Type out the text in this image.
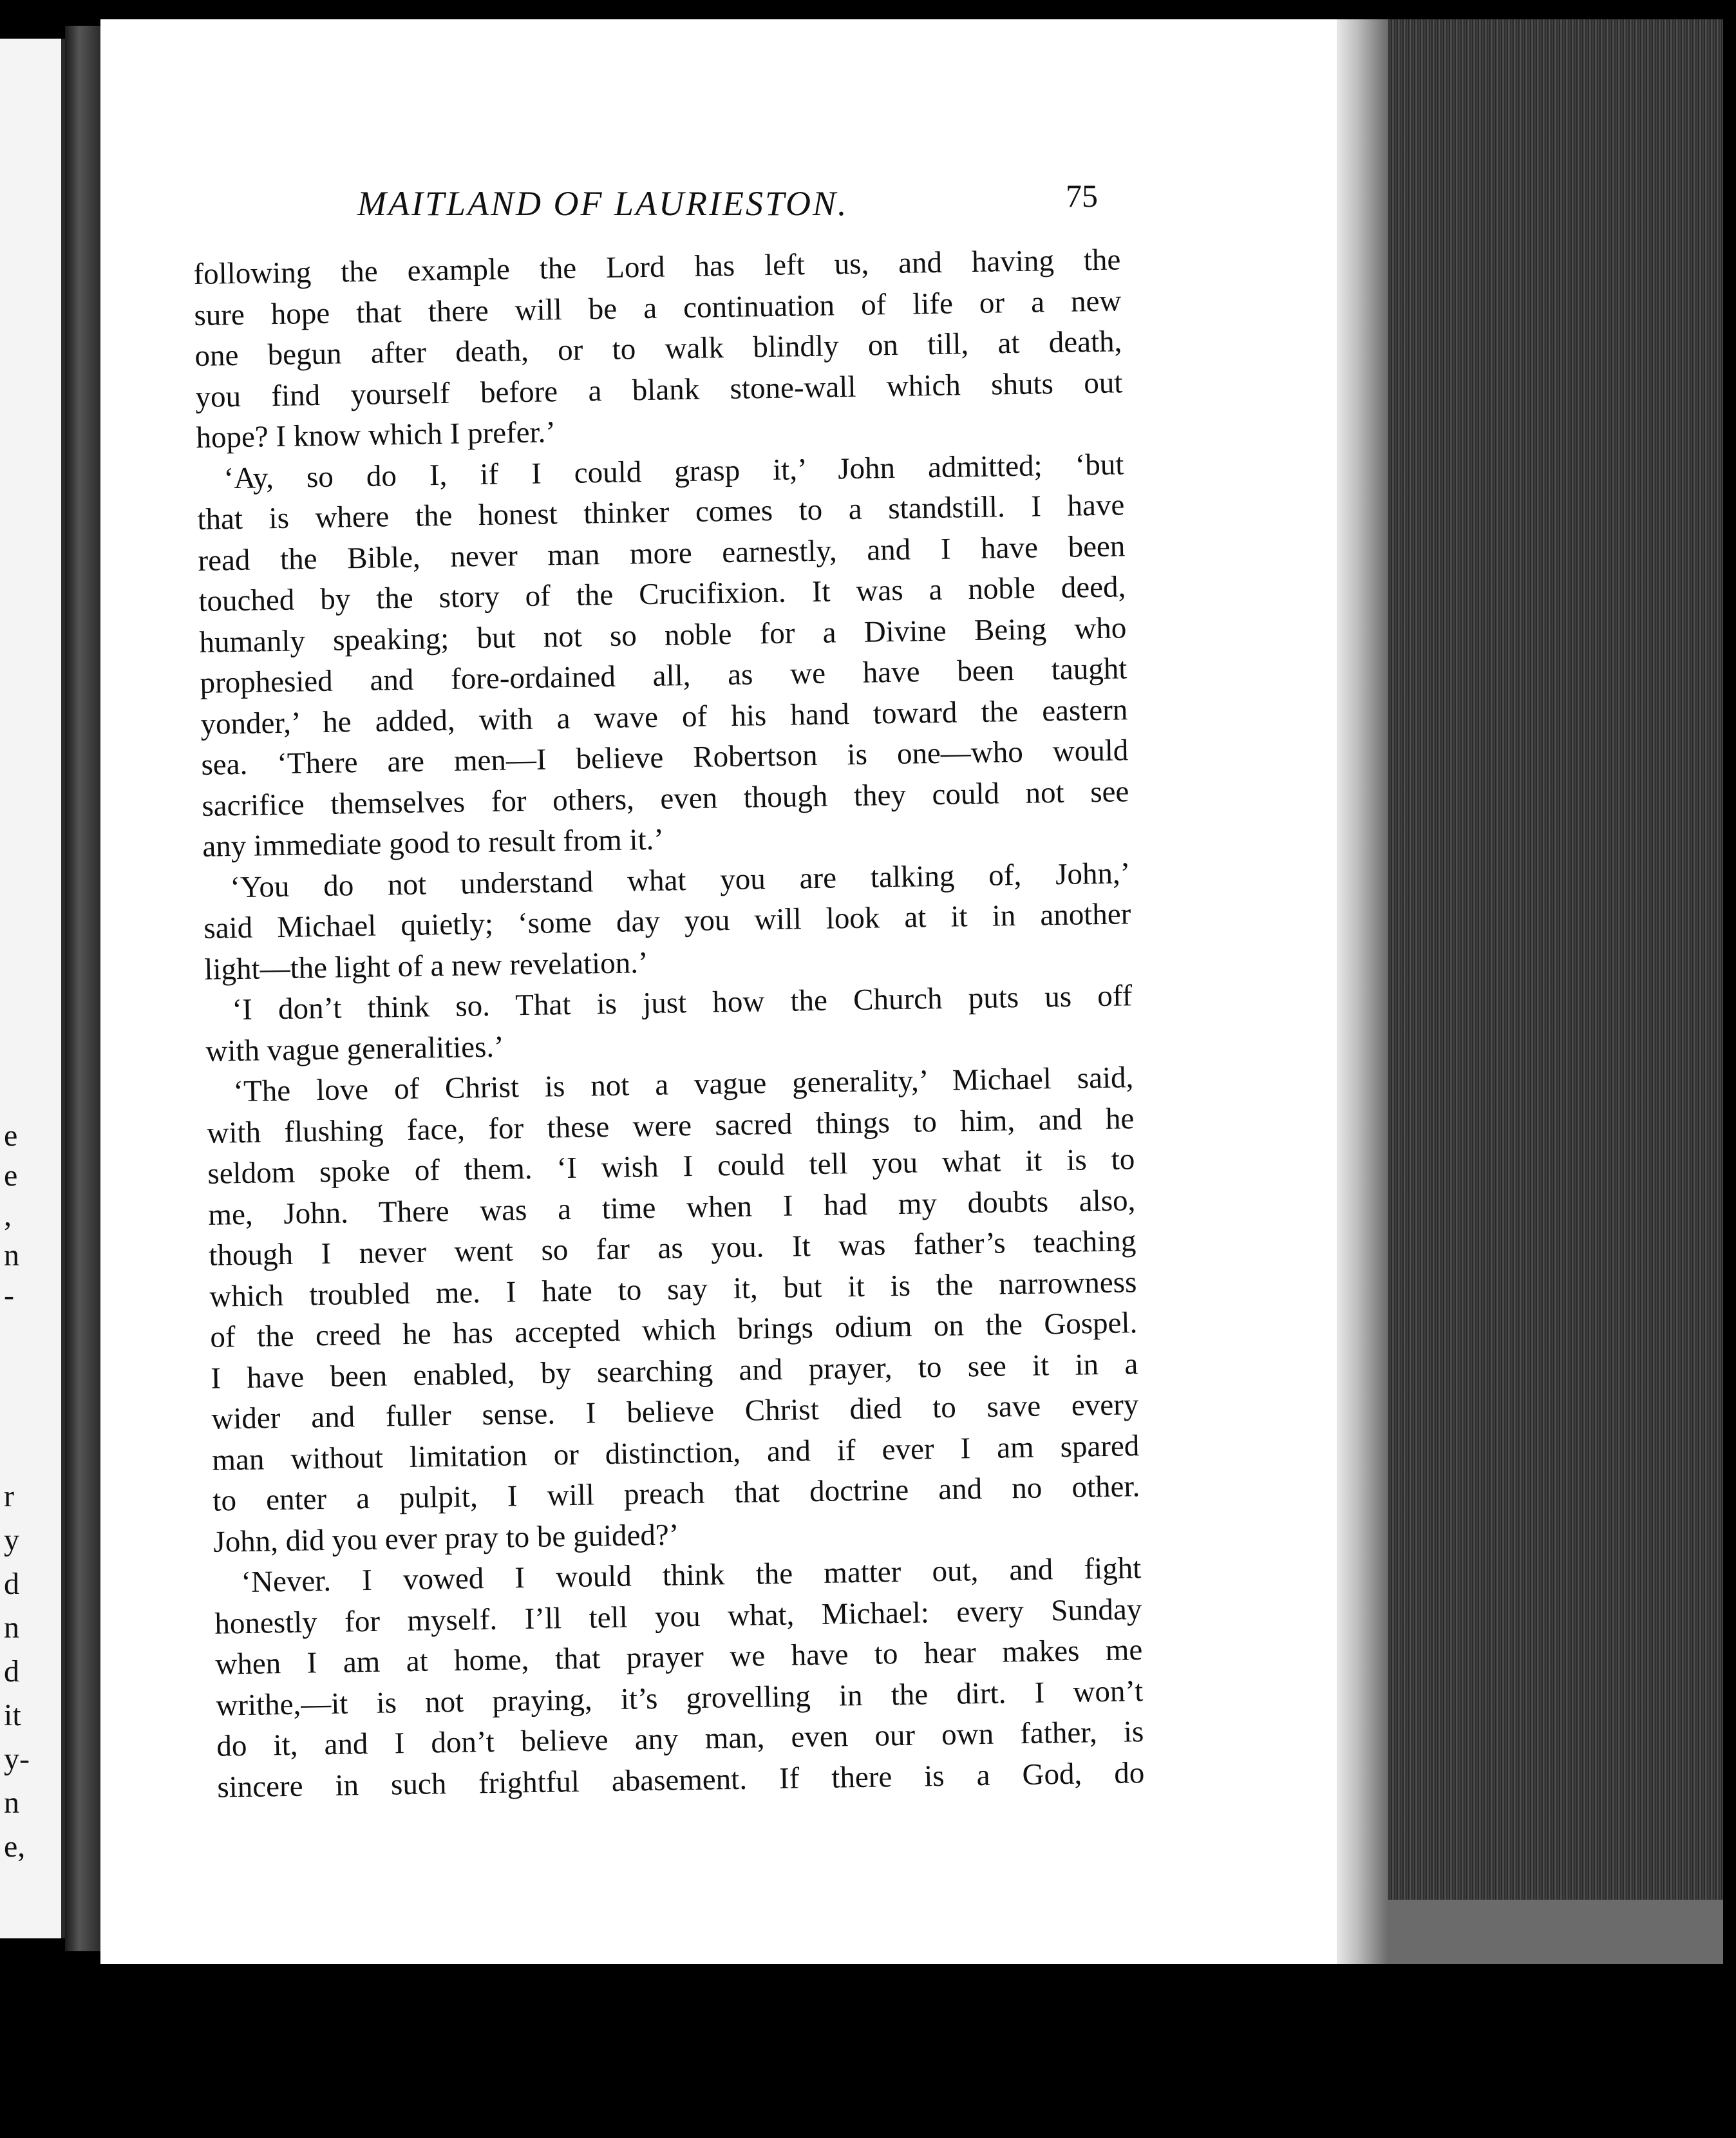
e
e
,
n
-
r
y
d
n
d
it
y-
n
e,
MAITLAND OF LAURIESTON.	75
following the example the Lord has left us, and having the
sure hope that there will be a continuation of life or a new
one begun after death, or to walk blindly on till, at death,
you find yourself before a blank stone-wall which shuts out
hope? I know which I prefer.’
‘Ay, so do I, if I could grasp it,’ John admitted; ‘but
that is where the honest thinker comes to a standstill. I have
read the Bible, never man more earnestly, and I have been
touched by the story of the Crucifixion. It was a noble deed,
humanly speaking; but not so noble for a Divine Being who
prophesied and fore-ordained all, as we have been taught
yonder,’ he added, with a wave of his hand toward the eastern
sea. ‘There are men—I believe Robertson is one—who would
sacrifice themselves for others, even though they could not see
any immediate good to result from it.’
‘You do not understand what you are talking of, John,’
said Michael quietly; ‘some day you will look at it in another
light—the light of a new revelation.’
‘I don’t think so. That is just how the Church puts us off
with vague generalities.’
‘The love of Christ is not a vague generality,’ Michael said,
with flushing face, for these were sacred things to him, and he
seldom spoke of them. ‘I wish I could tell you what it is to
me, John. There was a time when I had my doubts also,
though I never went so far as you. It was father’s teaching
which troubled me. I hate to say it, but it is the narrowness
of the creed he has accepted which brings odium on the Gospel.
I have been enabled, by searching and prayer, to see it in a
wider and fuller sense. I believe Christ died to save every
man without limitation or distinction, and if ever I am spared
to enter a pulpit, I will preach that doctrine and no other.
John, did you ever pray to be guided?’
‘Never. I vowed I would think the matter out, and fight
honestly for myself. I’ll tell you what, Michael: every Sunday
when I am at home, that prayer we have to hear makes me
writhe,—it is not praying, it’s grovelling in the dirt. I won’t
do it, and I don’t believe any man, even our own father, is
sincere in such frightful abasement. If there is a God, do
